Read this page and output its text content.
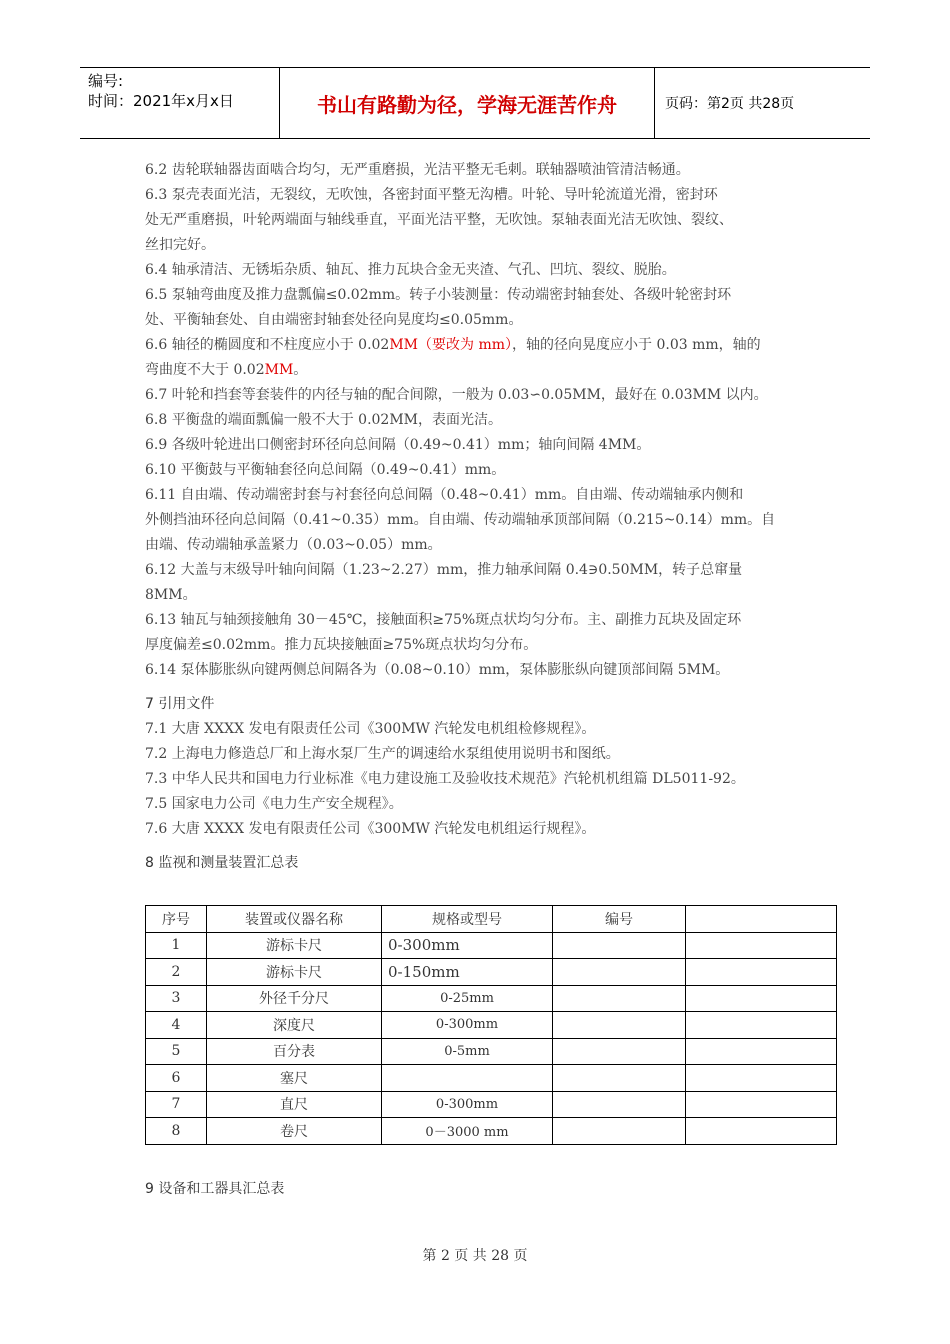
编号:
时间：2021年x月x日	书山有路勤为径，学海无涯苦作舟	页码：第2页 共28页

6.2 齿轮联轴器齿面啮合均匀，无严重磨损，光洁平整无毛刺。联轴器喷油管清洁畅通。

6.3 泵壳表面光洁，无裂纹，无吹蚀，各密封面平整无沟槽。叶轮、导叶轮流道光滑，密封环

处无严重磨损，叶轮两端面与轴线垂直，平面光洁平整，无吹蚀。泵轴表面光洁无吹蚀、裂纹、

丝扣完好。

6.4 轴承清洁、无锈垢杂质、轴瓦、推力瓦块合金无夹渣、气孔、凹坑、裂纹、脱胎。

6.5 泵轴弯曲度及推力盘瓢偏≤0.02mm。转子小装测量：传动端密封轴套处、各级叶轮密封环

处、平衡轴套处、自由端密封轴套处径向晃度均≤0.05mm。

6.6 轴径的椭圆度和不柱度应小于 0.02MM（要改为 mm），轴的径向晃度应小于 0.03 mm，轴的

弯曲度不大于 0.02MM。

6.7 叶轮和挡套等套装件的内径与轴的配合间隙，一般为 0.03∽0.05MM，最好在 0.03MM 以内。

6.8 平衡盘的端面瓢偏一般不大于 0.02MM，表面光洁。

6.9 各级叶轮进出口侧密封环径向总间隔（0.49~0.41）mm；轴向间隔 4MM。

6.10 平衡鼓与平衡轴套径向总间隔（0.49~0.41）mm。

6.11 自由端、传动端密封套与衬套径向总间隔（0.48~0.41）mm。自由端、传动端轴承内侧和

外侧挡油环径向总间隔（0.41~0.35）mm。自由端、传动端轴承顶部间隔（0.215~0.14）mm。自

由端、传动端轴承盖紧力（0.03~0.05）mm。

6.12 大盖与末级导叶轴向间隔（1.23~2.27）mm，推力轴承间隔 0.4∋0.50MM，转子总窜量

8MM。

6.13 轴瓦与轴颈接触角 30－45℃，接触面积≥75%斑点状均匀分布。主、副推力瓦块及固定环

厚度偏差≤0.02mm。推力瓦块接触面≥75%斑点状均匀分布。

6.14 泵体膨胀纵向键两侧总间隔各为（0.08~0.10）mm，泵体膨胀纵向键顶部间隔 5MM。

7 引用文件

7.1 大唐 XXXX 发电有限责任公司《300MW 汽轮发电机组检修规程》。

7.2 上海电力修造总厂和上海水泵厂生产的调速给水泵组使用说明书和图纸。

7.3 中华人民共和国电力行业标准《电力建设施工及验收技术规范》汽轮机机组篇 DL5011-92。

7.5 国家电力公司《电力生产安全规程》。

7.6 大唐 XXXX 发电有限责任公司《300MW 汽轮发电机组运行规程》。

8 监视和测量装置汇总表

序号	装置或仪器名称	规格或型号	编号	
1	游标卡尺	0-300mm		
2	游标卡尺	0-150mm		
3	外径千分尺	0-25mm		
4	深度尺	0-300mm		
5	百分表	0-5mm		
6	塞尺			
7	直尺	0-300mm		
8	卷尺	0－3000 mm		
9 设备和工器具汇总表
第 2 页 共 28 页
